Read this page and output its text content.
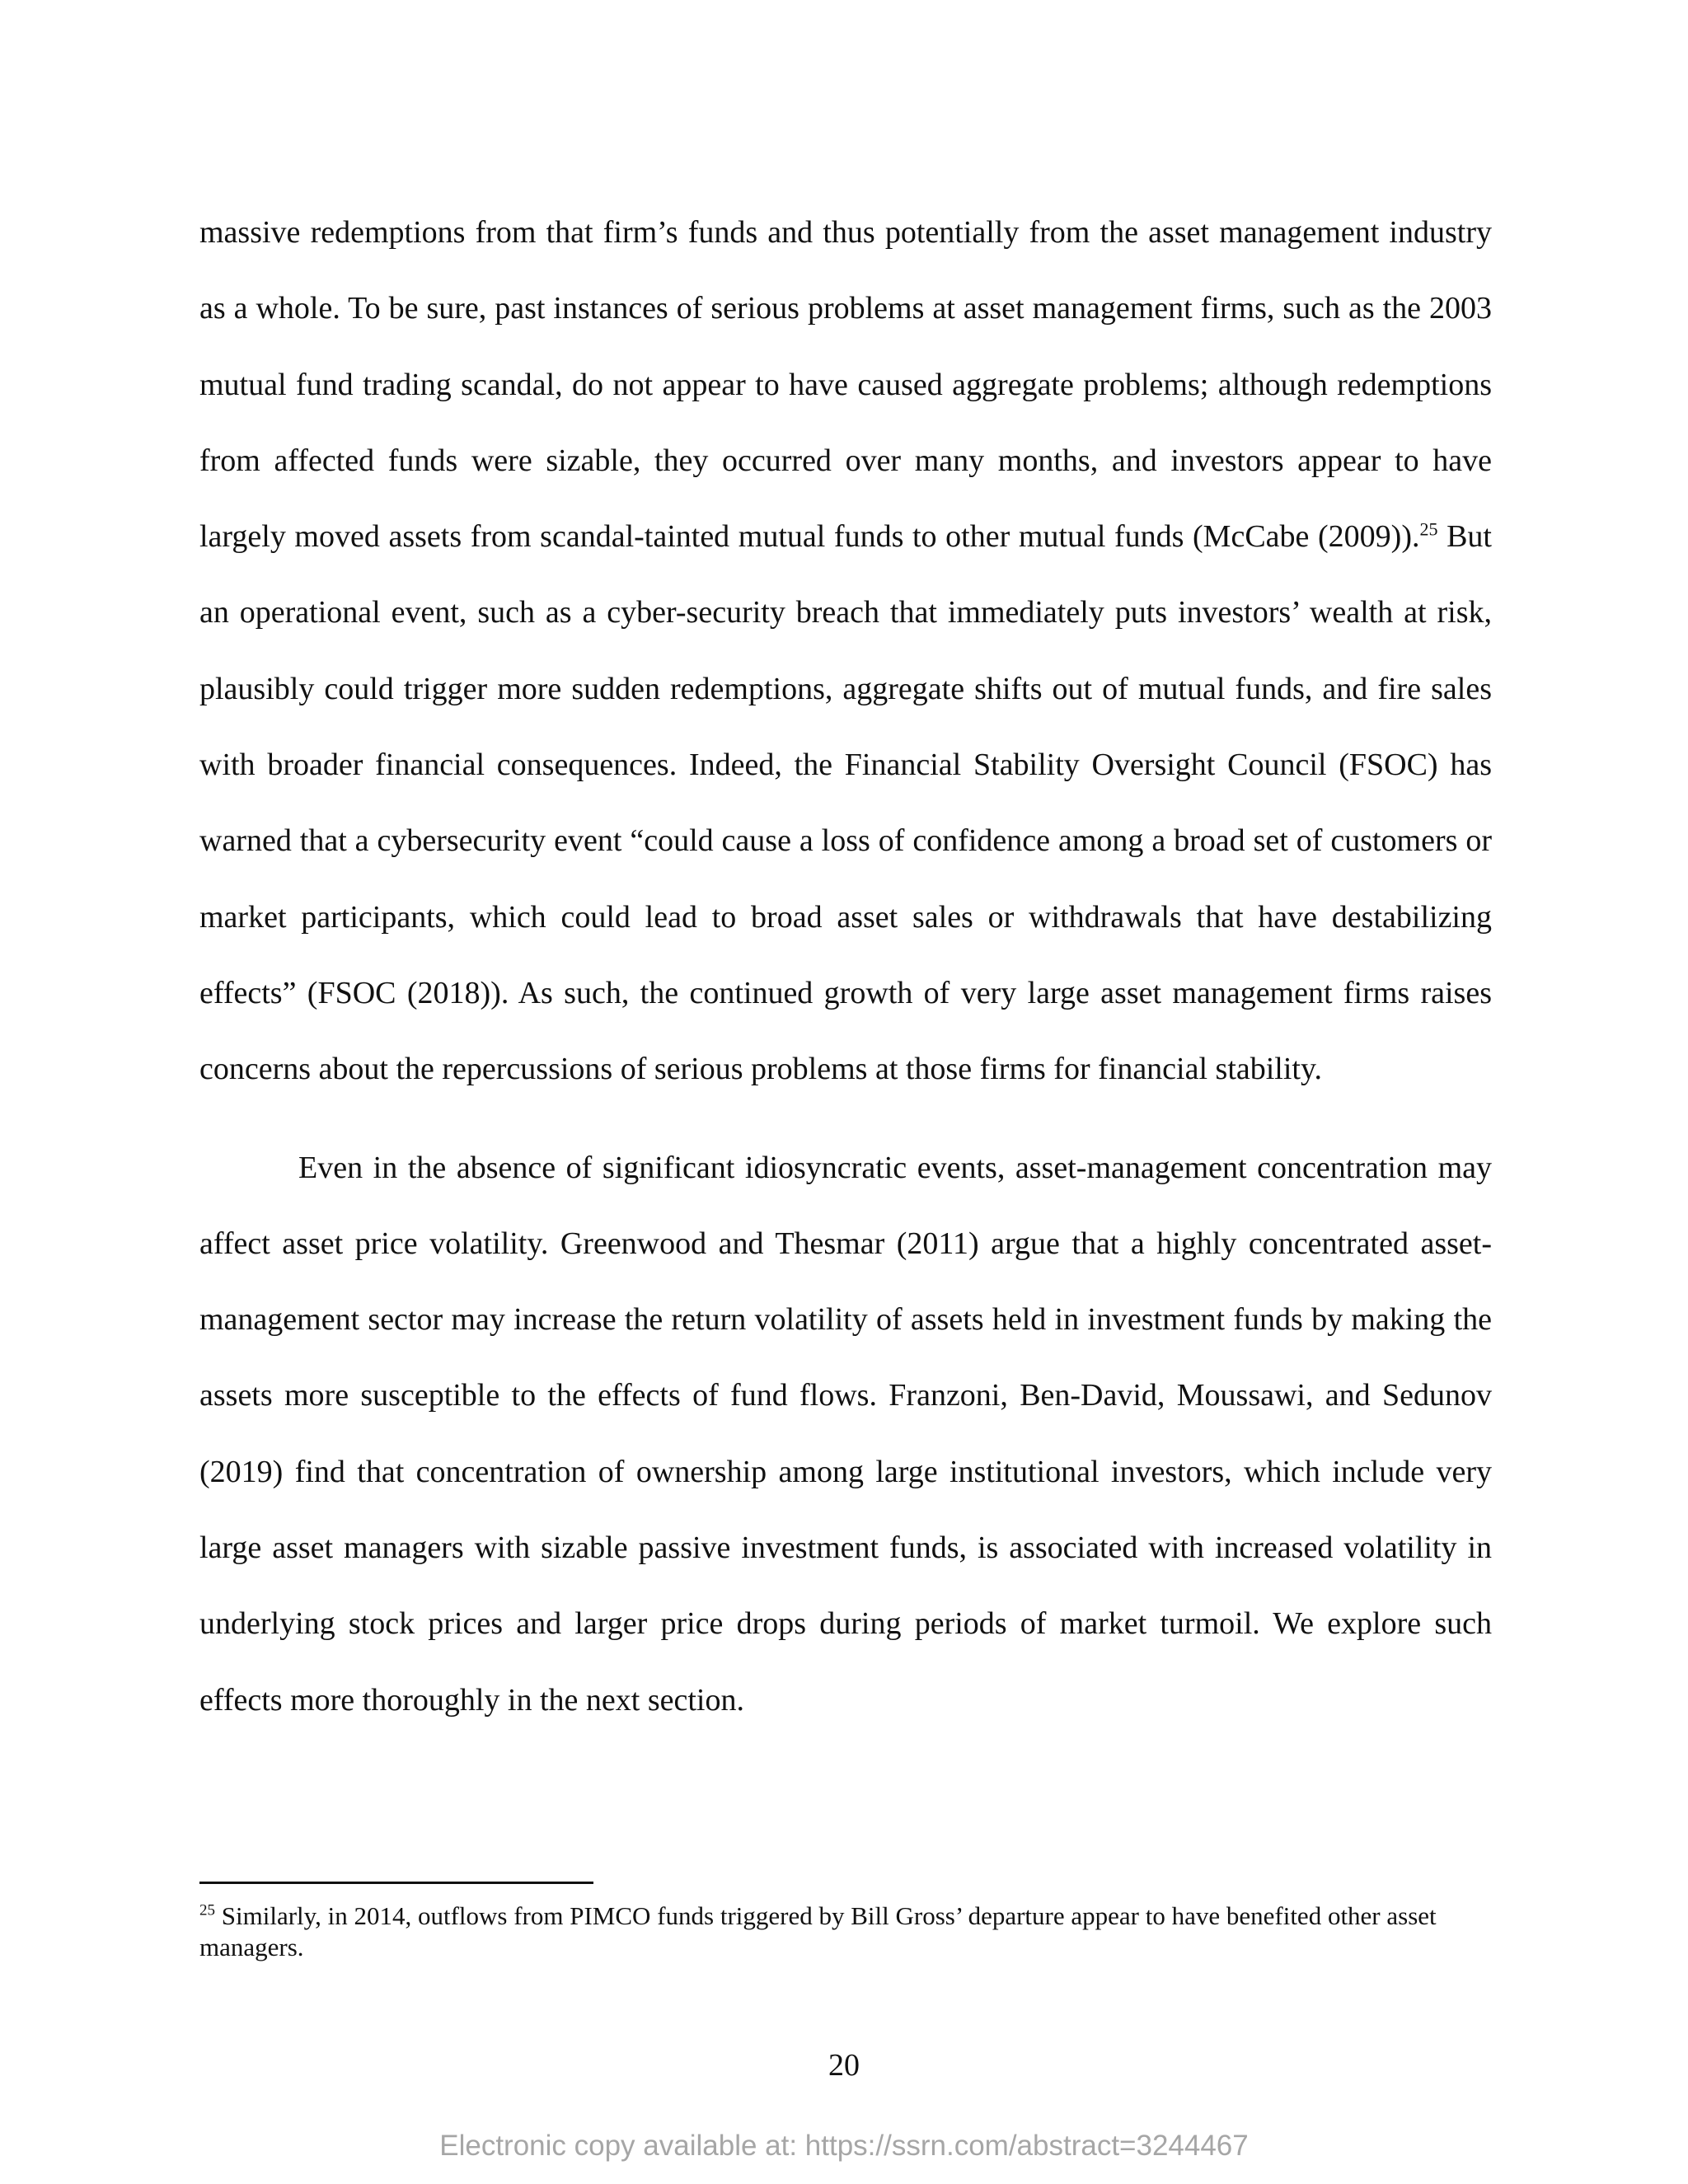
massive redemptions from that firm’s funds and thus potentially from the asset management industry as a whole. To be sure, past instances of serious problems at asset management firms, such as the 2003 mutual fund trading scandal, do not appear to have caused aggregate problems; although redemptions from affected funds were sizable, they occurred over many months, and investors appear to have largely moved assets from scandal-tainted mutual funds to other mutual funds (McCabe (2009)).$^{25}$ But an operational event, such as a cyber-security breach that immediately puts investors’ wealth at risk, plausibly could trigger more sudden redemptions, aggregate shifts out of mutual funds, and fire sales with broader financial consequences. Indeed, the Financial Stability Oversight Council (FSOC) has warned that a cybersecurity event “could cause a loss of confidence among a broad set of customers or market participants, which could lead to broad asset sales or withdrawals that have destabilizing effects” (FSOC (2018)). As such, the continued growth of very large asset management firms raises concerns about the repercussions of serious problems at those firms for financial stability.

Even in the absence of significant idiosyncratic events, asset-management concentration may affect asset price volatility. Greenwood and Thesmar (2011) argue that a highly concentrated asset-management sector may increase the return volatility of assets held in investment funds by making the assets more susceptible to the effects of fund flows. Franzoni, Ben-David, Moussawi, and Sedunov (2019) find that concentration of ownership among large institutional investors, which include very large asset managers with sizable passive investment funds, is associated with increased volatility in underlying stock prices and larger price drops during periods of market turmoil. We explore such effects more thoroughly in the next section.

$^{25}$ Similarly, in 2014, outflows from PIMCO funds triggered by Bill Gross’ departure appear to have benefited other asset managers.

20
Electronic copy available at: https://ssrn.com/abstract=3244467
